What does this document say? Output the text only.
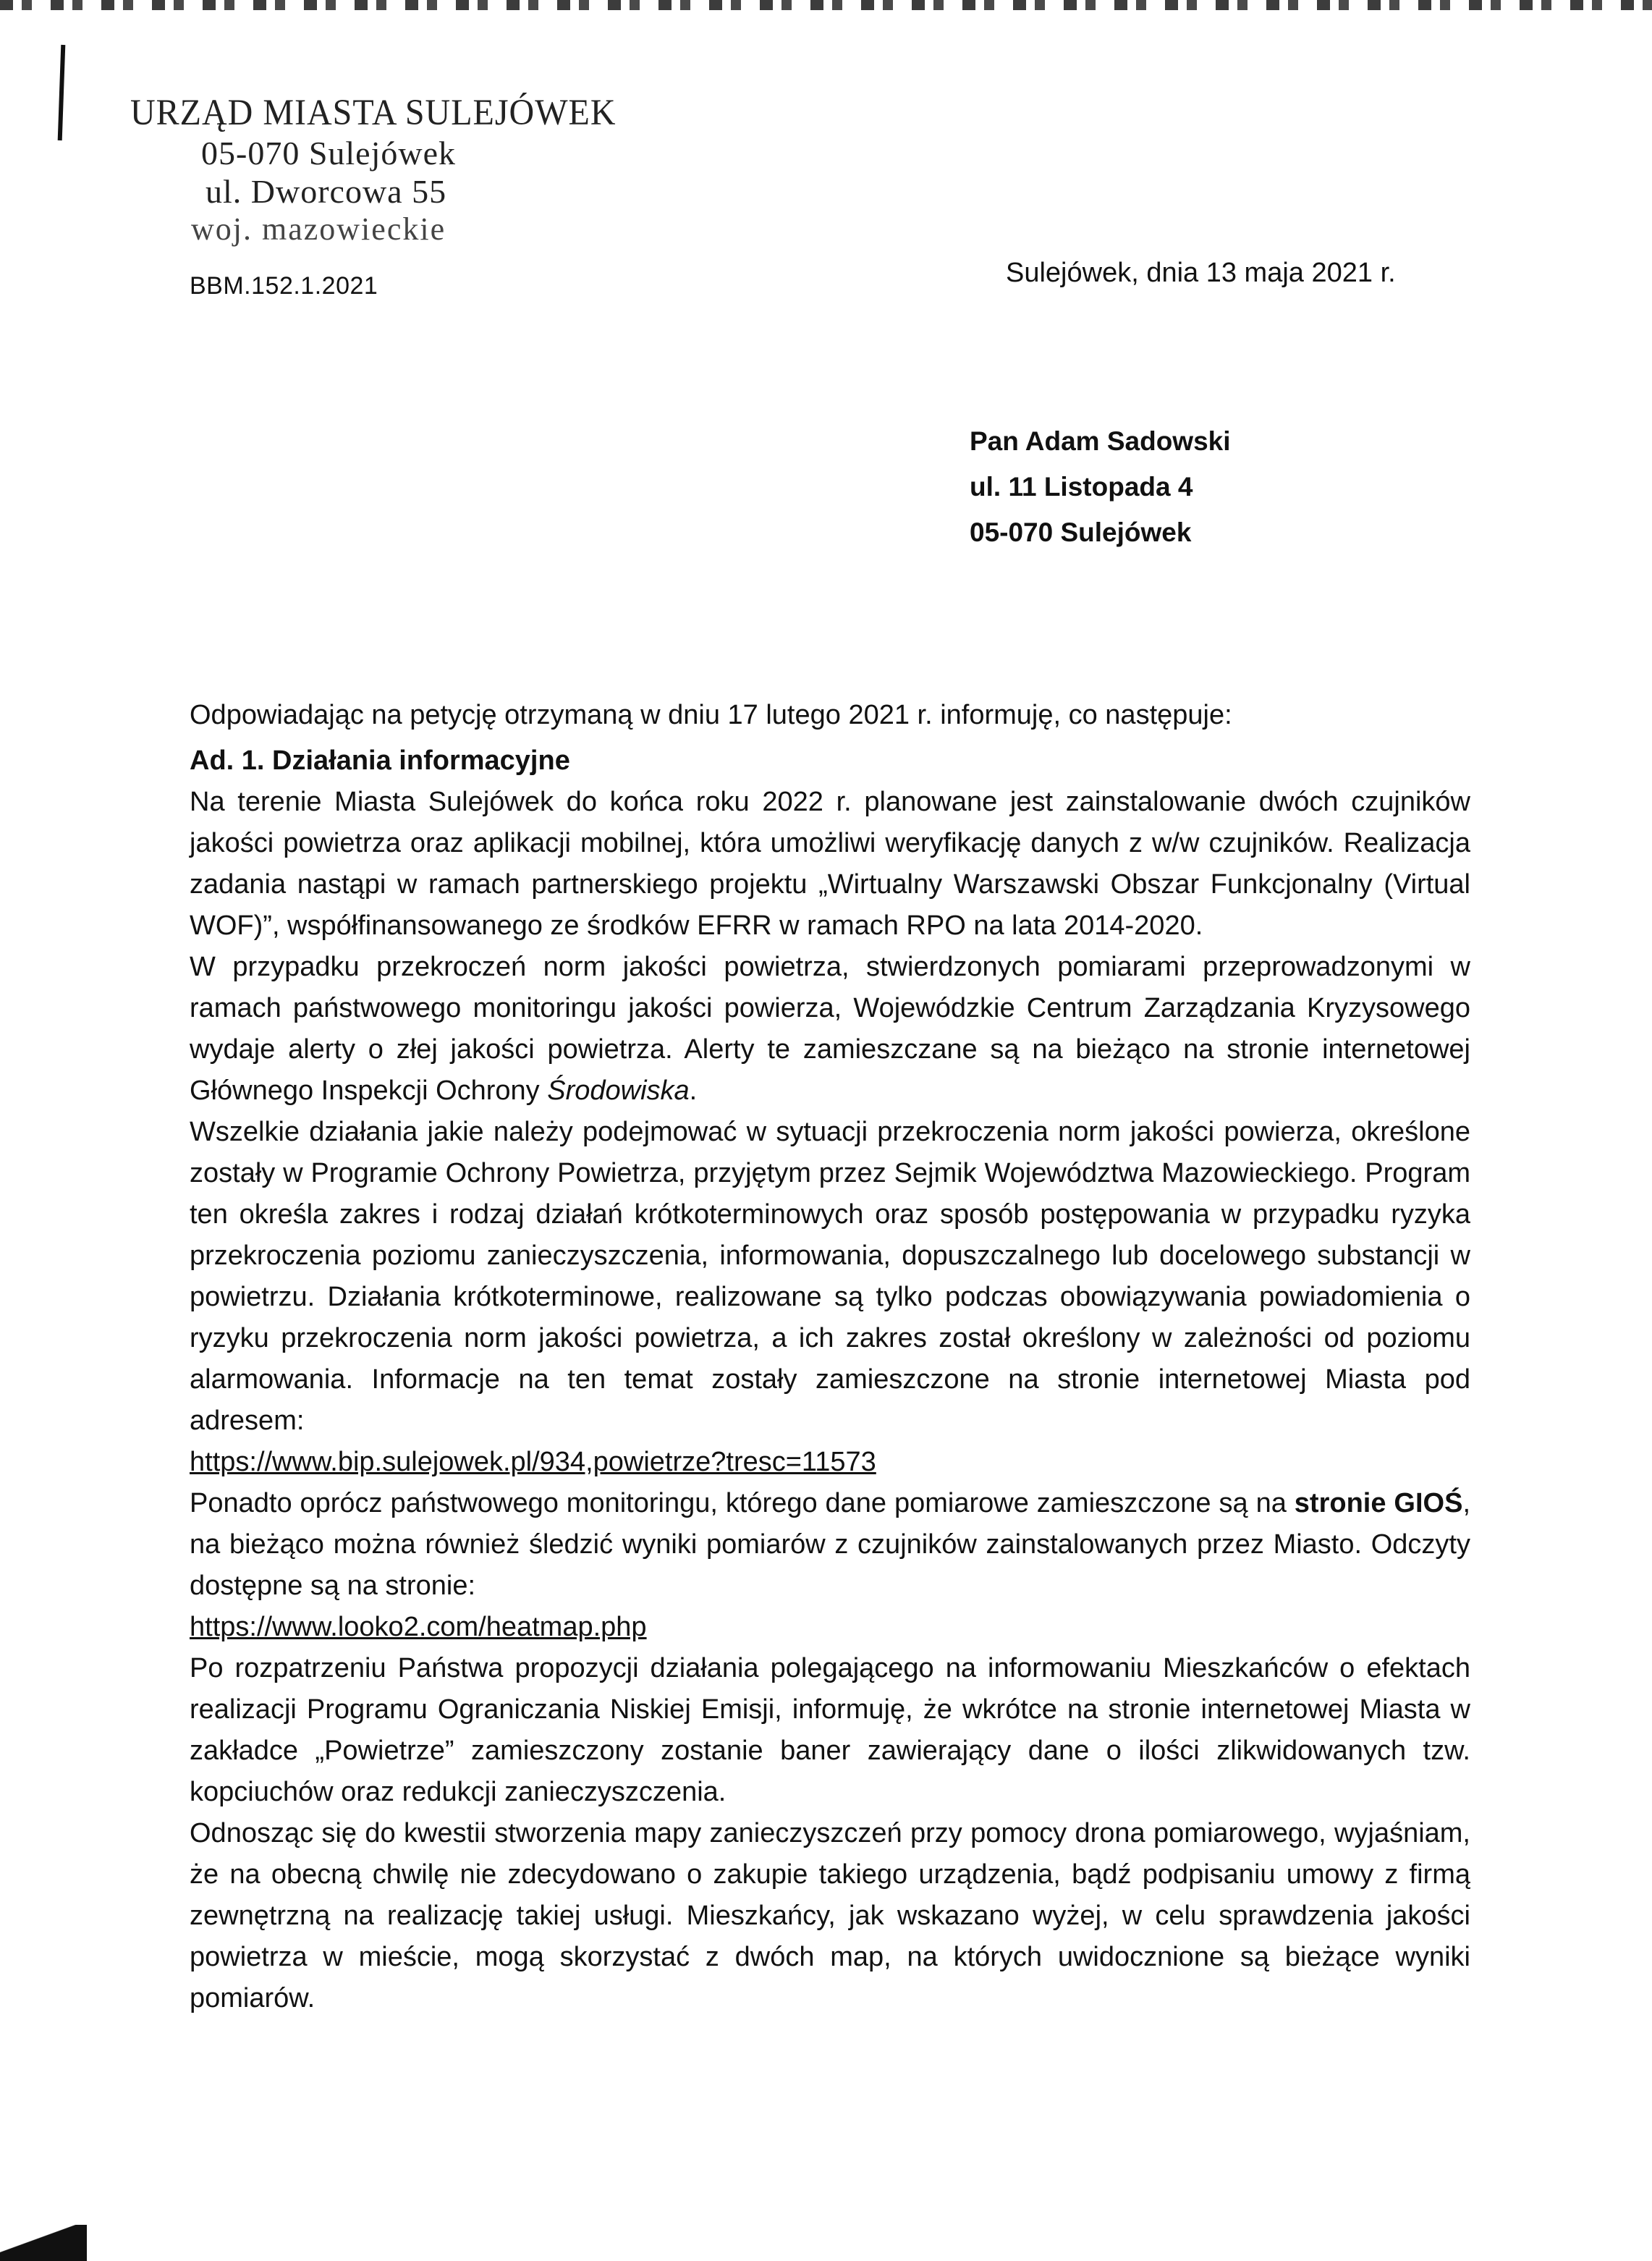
URZĄD MIASTA SULEJÓWEK
05-070 Sulejówek
ul. Dworcowa 55
woj. mazowieckie
BBM.152.1.2021	Sulejówek, dnia 13 maja 2021 r.
Pan Adam Sadowski
ul. 11 Listopada 4
05-070 Sulejówek

Odpowiadając na petycję otrzymaną w dniu 17 lutego 2021 r. informuję, co następuje:

Ad. 1. Działania informacyjne

Na terenie Miasta Sulejówek do końca roku 2022 r. planowane jest zainstalowanie dwóch czujników jakości powietrza oraz aplikacji mobilnej, która umożliwi weryfikację danych z w/w czujników. Realizacja zadania nastąpi w ramach partnerskiego projektu „Wirtualny Warszawski Obszar Funkcjonalny (Virtual WOF)”, współfinansowanego ze środków EFRR w ramach RPO na lata 2014-2020.

W przypadku przekroczeń norm jakości powietrza, stwierdzonych pomiarami przeprowadzonymi w ramach państwowego monitoringu jakości powierza, Wojewódzkie Centrum Zarządzania Kryzysowego wydaje alerty o złej jakości powietrza. Alerty te zamieszczane są na bieżąco na stronie internetowej Głównego Inspekcji Ochrony Środowiska.

Wszelkie działania jakie należy podejmować w sytuacji przekroczenia norm jakości powierza, określone zostały w Programie Ochrony Powietrza, przyjętym przez Sejmik Województwa Mazowieckiego. Program ten określa zakres i rodzaj działań krótkoterminowych oraz sposób postępowania w przypadku ryzyka przekroczenia poziomu zanieczyszczenia, informowania, dopuszczalnego lub docelowego substancji w powietrzu. Działania krótkoterminowe, realizowane są tylko podczas obowiązywania powiadomienia o ryzyku przekroczenia norm jakości powietrza, a ich zakres został określony w zależności od poziomu alarmowania. Informacje na ten temat zostały zamieszczone na stronie internetowej Miasta pod adresem:

https://www.bip.sulejowek.pl/934,powietrze?tresc=11573

Ponadto oprócz państwowego monitoringu, którego dane pomiarowe zamieszczone są na stronie GIOŚ, na bieżąco można również śledzić wyniki pomiarów z czujników zainstalowanych przez Miasto. Odczyty dostępne są na stronie:

https://www.looko2.com/heatmap.php

Po rozpatrzeniu Państwa propozycji działania polegającego na informowaniu Mieszkańców o efektach realizacji Programu Ograniczania Niskiej Emisji, informuję, że wkrótce na stronie internetowej Miasta w zakładce „Powietrze” zamieszczony zostanie baner zawierający dane o ilości zlikwidowanych tzw. kopciuchów oraz redukcji zanieczyszczenia.

Odnosząc się do kwestii stworzenia mapy zanieczyszczeń przy pomocy drona pomiarowego, wyjaśniam, że na obecną chwilę nie zdecydowano o zakupie takiego urządzenia, bądź podpisaniu umowy z firmą zewnętrzną na realizację takiej usługi. Mieszkańcy, jak wskazano wyżej, w celu sprawdzenia jakości powietrza w mieście, mogą skorzystać z dwóch map, na których uwidocznione są bieżące wyniki pomiarów.
